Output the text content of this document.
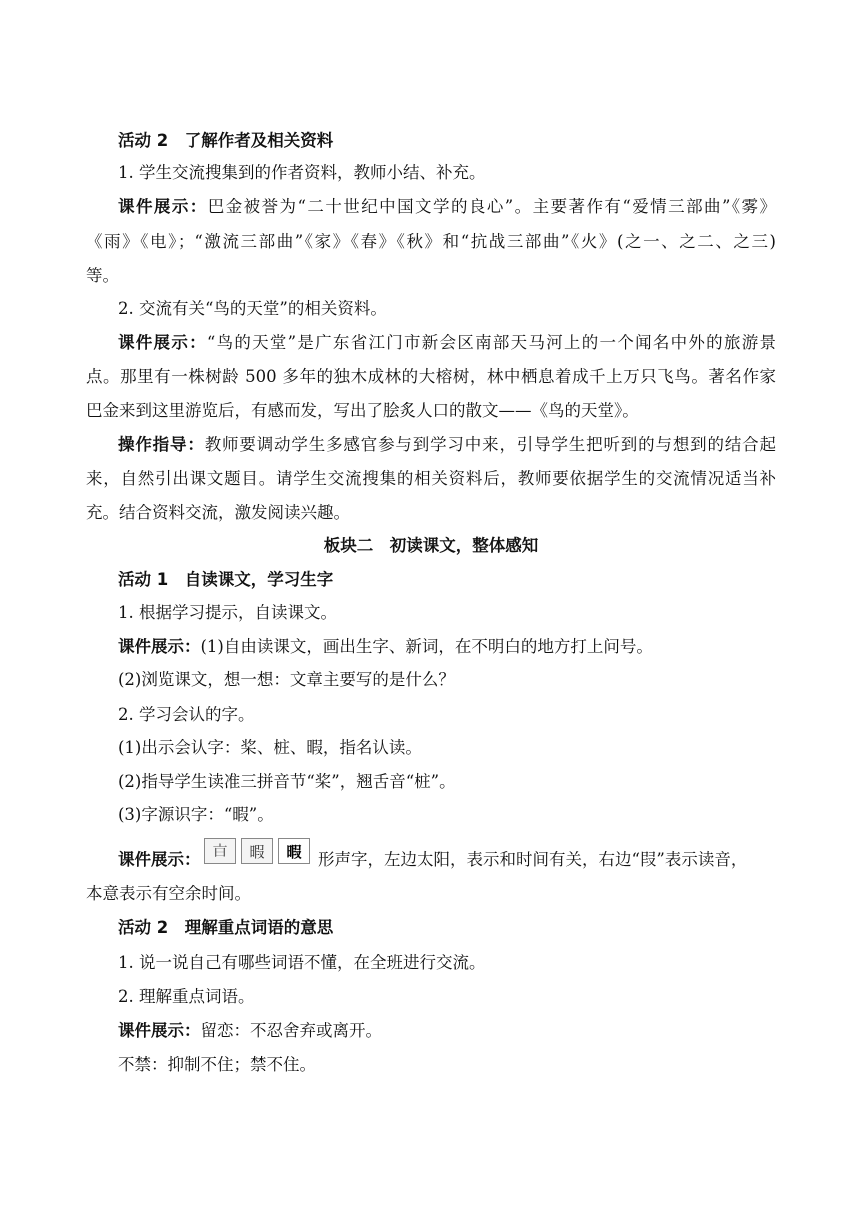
活动 2　了解作者及相关资料
1. 学生交流搜集到的作者资料，教师小结、补充。
课件展示：巴金被誉为“二十世纪中国文学的良心”。主要著作有“爱情三部曲”《雾》
《雨》《电》；“激流三部曲”《家》《春》《秋》和“抗战三部曲”《火》(之一、之二、之三)
等。
2. 交流有关“鸟的天堂”的相关资料。
课件展示：“鸟的天堂”是广东省江门市新会区南部天马河上的一个闻名中外的旅游景
点。那里有一株树龄 500 多年的独木成林的大榕树，林中栖息着成千上万只飞鸟。著名作家
巴金来到这里游览后，有感而发，写出了脍炙人口的散文——《鸟的天堂》。
操作指导：教师要调动学生多感官参与到学习中来，引导学生把听到的与想到的结合起
来，自然引出课文题目。请学生交流搜集的相关资料后，教师要依据学生的交流情况适当补
充。结合资料交流，激发阅读兴趣。
板块二　初读课文，整体感知
活动 1　自读课文，学习生字
1. 根据学习提示，自读课文。
课件展示：(1)自由读课文，画出生字、新词，在不明白的地方打上问号。
(2)浏览课文，想一想：文章主要写的是什么？
2. 学习会认的字。
(1)出示会认字：桨、桩、暇，指名认读。
(2)指导学生读准三拼音节“桨”，翘舌音“桩”。
(3)字源识字：“暇”。
课件展示： 𣅀	暇	暇	形声字，左边太阳，表示和时间有关，右边“叚”表示读音，
本意表示有空余时间。
活动 2　理解重点词语的意思
1. 说一说自己有哪些词语不懂，在全班进行交流。
2. 理解重点词语。
课件展示：留恋：不忍舍弃或离开。
不禁：抑制不住；禁不住。
